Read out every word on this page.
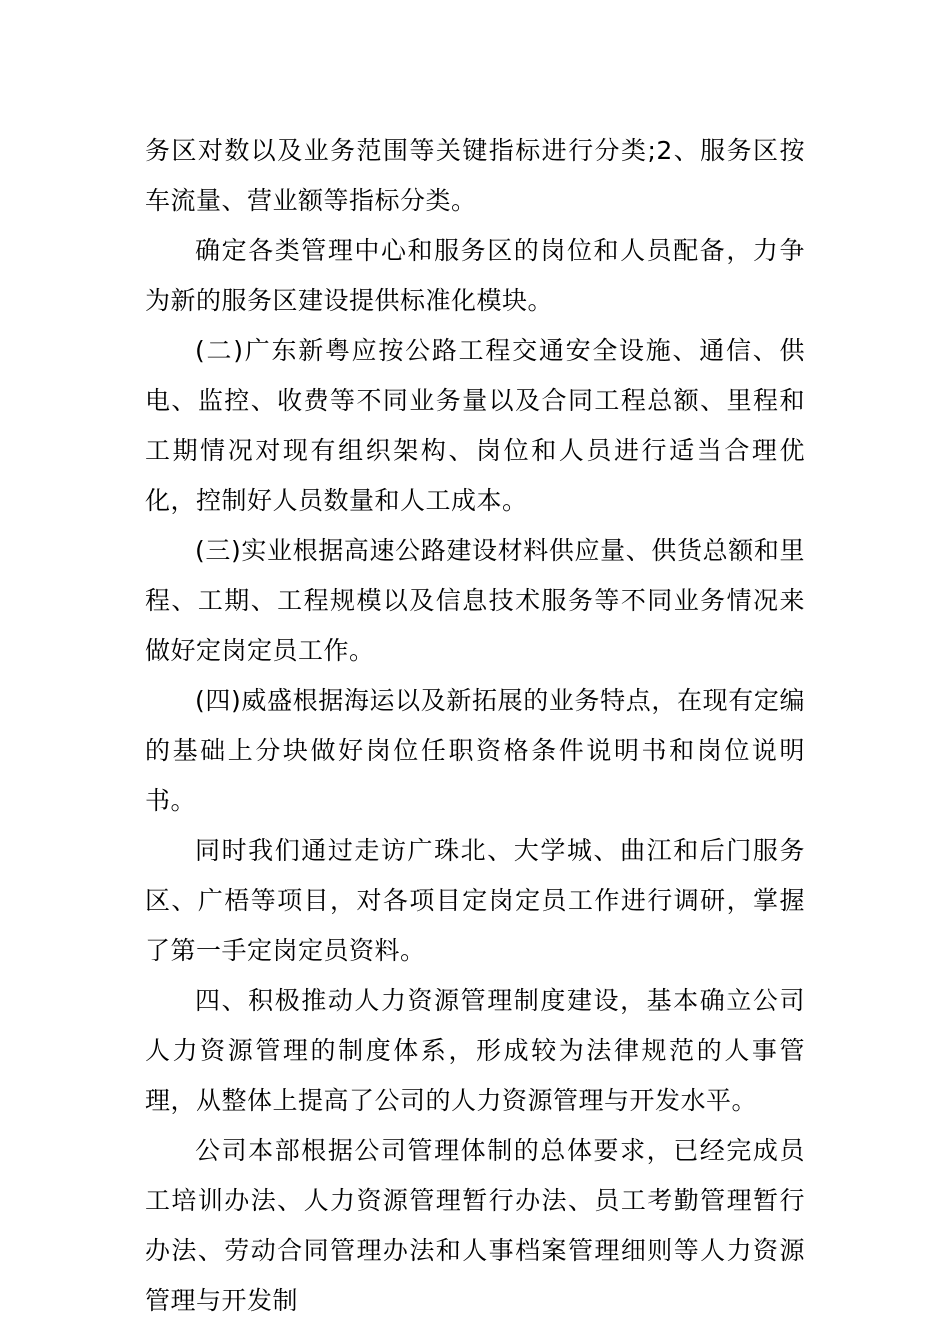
务区对数以及业务范围等关键指标进行分类;2、服务区按车流量、营业额等指标分类。

确定各类管理中心和服务区的岗位和人员配备，力争为新的服务区建设提供标准化模块。

(二)广东新粤应按公路工程交通安全设施、通信、供电、监控、收费等不同业务量以及合同工程总额、里程和工期情况对现有组织架构、岗位和人员进行适当合理优化，控制好人员数量和人工成本。

(三)实业根据高速公路建设材料供应量、供货总额和里程、工期、工程规模以及信息技术服务等不同业务情况来做好定岗定员工作。

(四)威盛根据海运以及新拓展的业务特点，在现有定编的基础上分块做好岗位任职资格条件说明书和岗位说明书。

同时我们通过走访广珠北、大学城、曲江和后门服务区、广梧等项目，对各项目定岗定员工作进行调研，掌握了第一手定岗定员资料。

四、积极推动人力资源管理制度建设，基本确立公司人力资源管理的制度体系，形成较为法律规范的人事管理，从整体上提高了公司的人力资源管理与开发水平。

公司本部根据公司管理体制的总体要求，已经完成员工培训办法、人力资源管理暂行办法、员工考勤管理暂行办法、劳动合同管理办法和人事档案管理细则等人力资源管理与开发制
